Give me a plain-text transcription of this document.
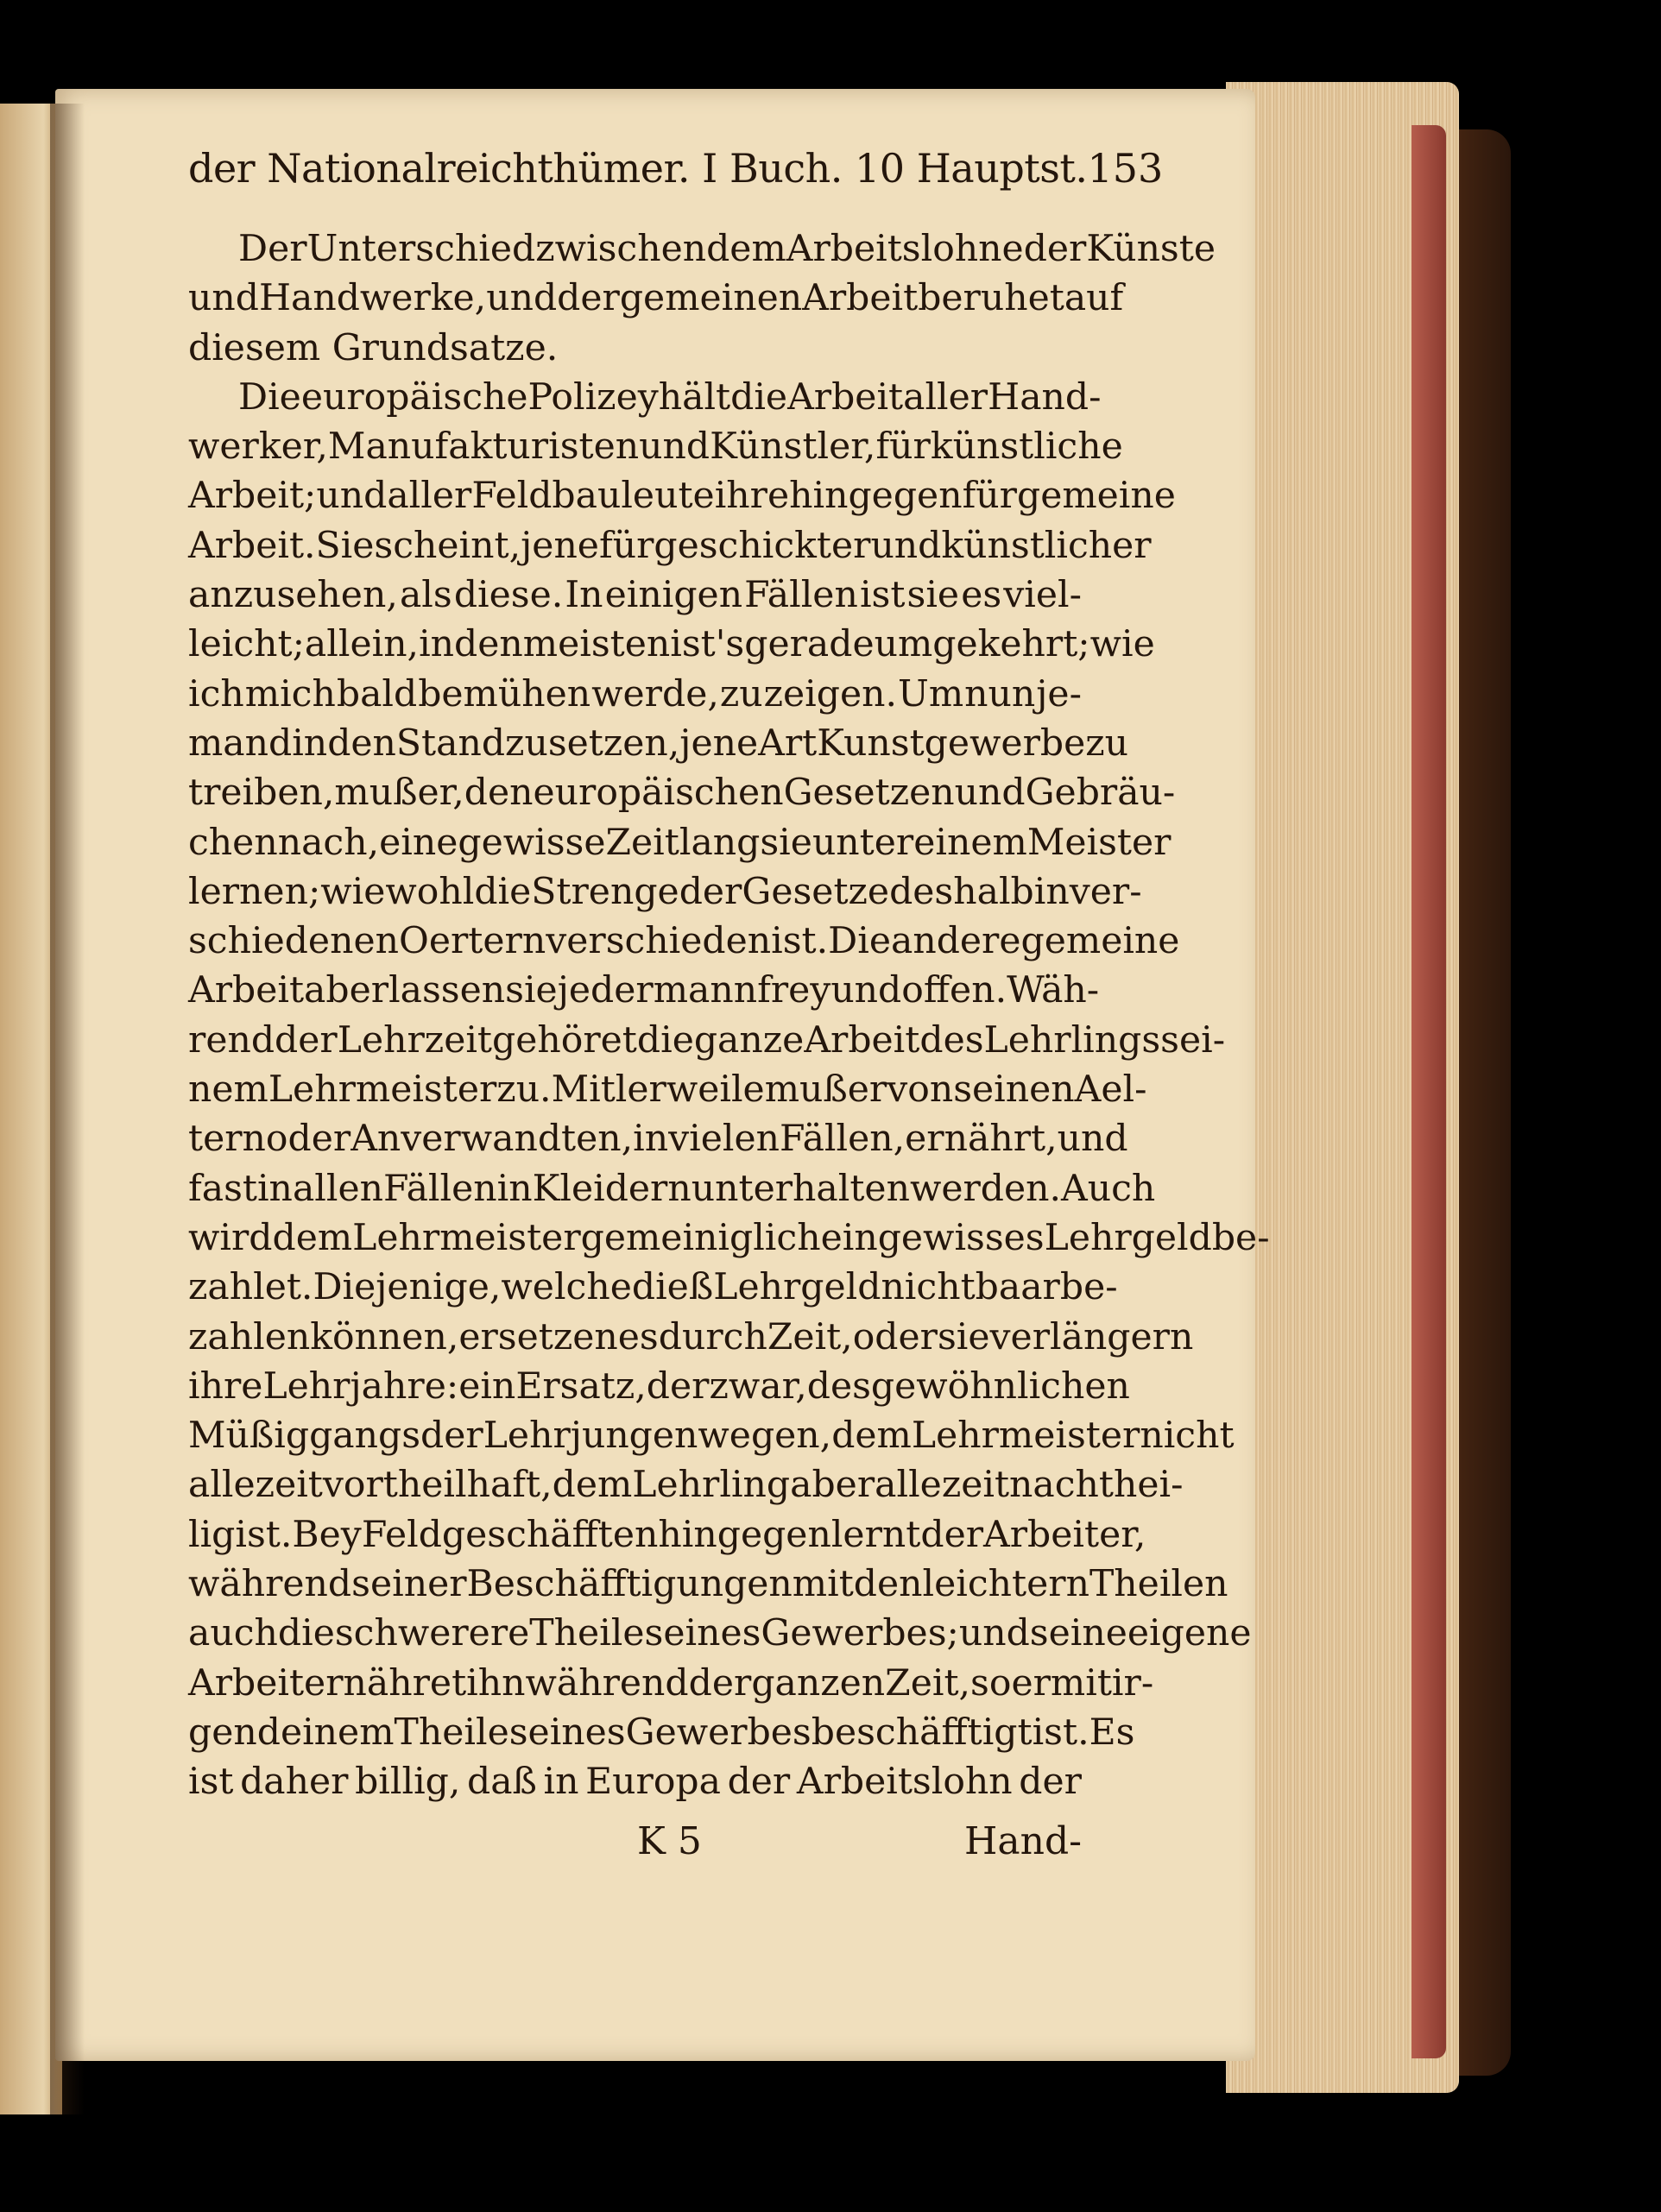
der Nationalreichthümer. I Buch. 10 Hauptst. 153
Der Unterschied zwischen dem Arbeitslohne der Künste
und Handwerke, und der gemeinen Arbeit beruhet auf
diesem Grundsatze.
Die europäische Polizey hält die Arbeit aller Hand-
werker, Manufakturisten und Künstler, für künstliche
Arbeit; und aller Feldbauleute ihre hingegen für gemeine
Arbeit. Sie scheint, jene für geschickter und künstlicher
anzusehen, als diese. In einigen Fällen ist sie es viel-
leicht; allein, in den meisten ist's gerade umgekehrt; wie
ich mich bald bemühen werde, zu zeigen. Um nun je-
mand in den Stand zu setzen, jene Art Kunstgewerbe zu
treiben, muß er, den europäischen Gesetzen und Gebräu-
chen nach, eine gewisse Zeit lang sie unter einem Meister
lernen; wiewohl die Strenge der Gesetze deshalb in ver-
schiedenen Oertern verschieden ist. Die andere gemeine
Arbeit aber lassen sie jedermann frey und offen. Wäh-
rend der Lehrzeit gehöret die ganze Arbeit des Lehrlings sei-
nem Lehrmeister zu. Mitlerweile muß er von seinen Ael-
tern oder Anverwandten, in vielen Fällen, ernährt, und
fast in allen Fällen in Kleidern unterhalten werden. Auch
wird dem Lehrmeister gemeiniglich ein gewisses Lehrgeld be-
zahlet. Diejenige, welche dieß Lehrgeld nicht baar be-
zahlen können, ersetzen es durch Zeit, oder sie verlängern
ihre Lehrjahre: ein Ersatz, der zwar, des gewöhnlichen
Müßiggangs der Lehrjungen wegen, dem Lehrmeister nicht
allezeit vortheilhaft, dem Lehrling aber allezeit nachthei-
lig ist. Bey Feldgeschäfften hingegen lernt der Arbeiter,
während seiner Beschäfftigungen mit den leichtern Theilen
auch die schwerere Theile seines Gewerbes; und seine eigene
Arbeit ernähret ihn während der ganzen Zeit, so er mit ir-
gend einem Theile seines Gewerbes beschäfftigt ist. Es
ist daher billig, daß in Europa der Arbeitslohn der
K 5	Hand-
